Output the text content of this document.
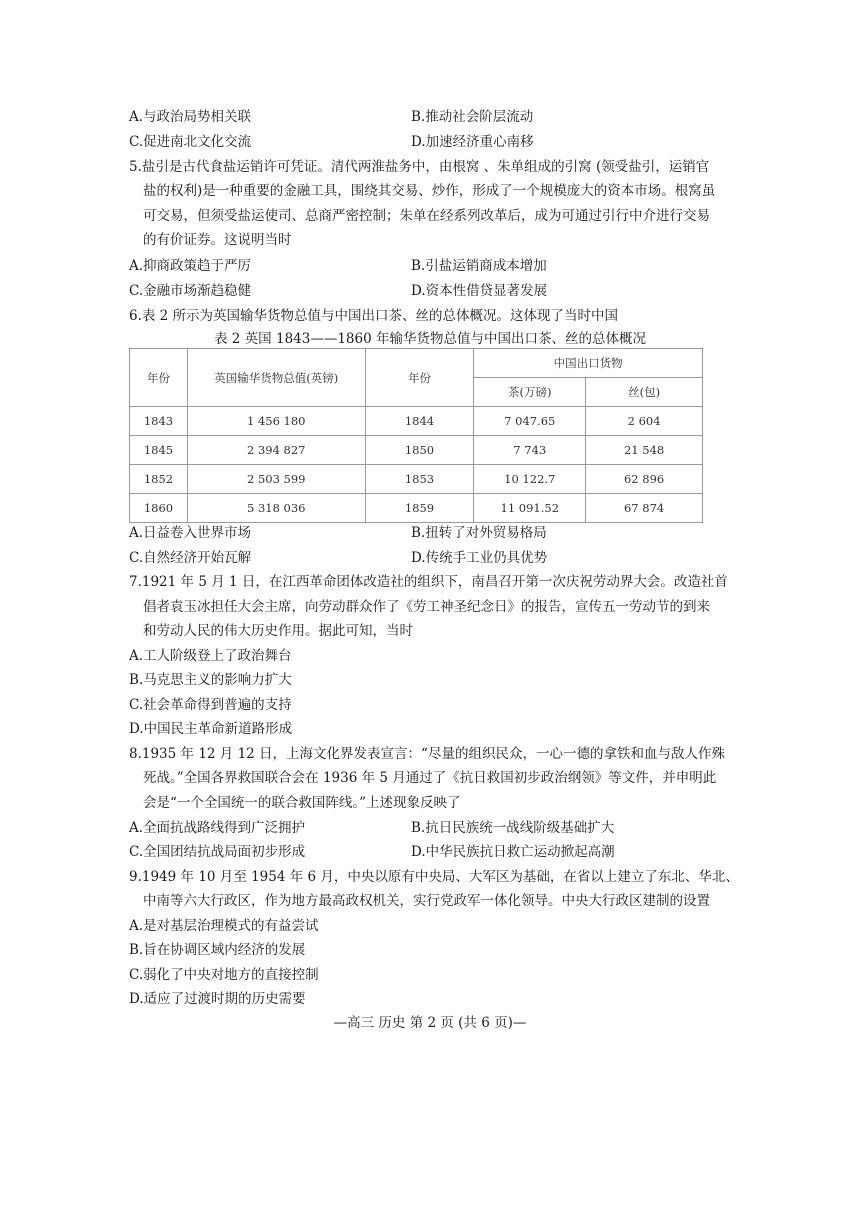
A.与政治局势相关联	B.推动社会阶层流动
C.促进南北文化交流	D.加速经济重心南移
5.盐引是古代食盐运销许可凭证。清代两淮盐务中，由根窝 、朱单组成的引窝 (领受盐引，运销官
盐的权利)是一种重要的金融工具，围绕其交易、炒作，形成了一个规模庞大的资本市场。根窝虽
可交易，但须受盐运使司、总商严密控制；朱单在经系列改革后，成为可通过引行中介进行交易
的有价证券。这说明当时
A.抑商政策趋于严厉	B.引盐运销商成本增加
C.金融市场渐趋稳健	D.资本性借贷显著发展
6.表 2 所示为英国输华货物总值与中国出口茶、丝的总体概况。这体现了当时中国
表 2 英国 1843——1860 年输华货物总值与中国出口茶、丝的总体概况
年份	英国输华货物总值(英镑)	年份	中国出口货物	
			茶(万磅)	丝(包)
1843	1 456 180	1844	7 047.65	2 604
1845	2 394 827	1850	7 743	21 548
1852	2 503 599	1853	10 122.7	62 896
1860	5 318 036	1859	11 091.52	67 874
A.日益卷入世界市场	B.扭转了对外贸易格局
C.自然经济开始瓦解	D.传统手工业仍具优势
7.1921 年 5 月 1 日，在江西革命团体改造社的组织下，南昌召开第一次庆祝劳动界大会。改造社首
倡者袁玉冰担任大会主席，向劳动群众作了《劳工神圣纪念日》的报告，宣传五一劳动节的到来
和劳动人民的伟大历史作用。据此可知，当时
A.工人阶级登上了政治舞台
B.马克思主义的影响力扩大
C.社会革命得到普遍的支持
D.中国民主革命新道路形成
8.1935 年 12 月 12 日，上海文化界发表宣言：“尽量的组织民众，一心一德的拿铁和血与敌人作殊
死战。”全国各界救国联合会在 1936 年 5 月通过了《抗日救国初步政治纲领》等文件，并申明此
会是“一个全国统一的联合救国阵线。”上述现象反映了
A.全面抗战路线得到广泛拥护	B.抗日民族统一战线阶级基础扩大
C.全国团结抗战局面初步形成	D.中华民族抗日救亡运动掀起高潮
9.1949 年 10 月至 1954 年 6 月，中央以原有中央局、大军区为基础，在省以上建立了东北、华北、
中南等六大行政区，作为地方最高政权机关，实行党政军一体化领导。中央大行政区建制的设置
A.是对基层治理模式的有益尝试
B.旨在协调区域内经济的发展
C.弱化了中央对地方的直接控制
D.适应了过渡时期的历史需要
—高三 历史 第 2 页 (共 6 页)—
